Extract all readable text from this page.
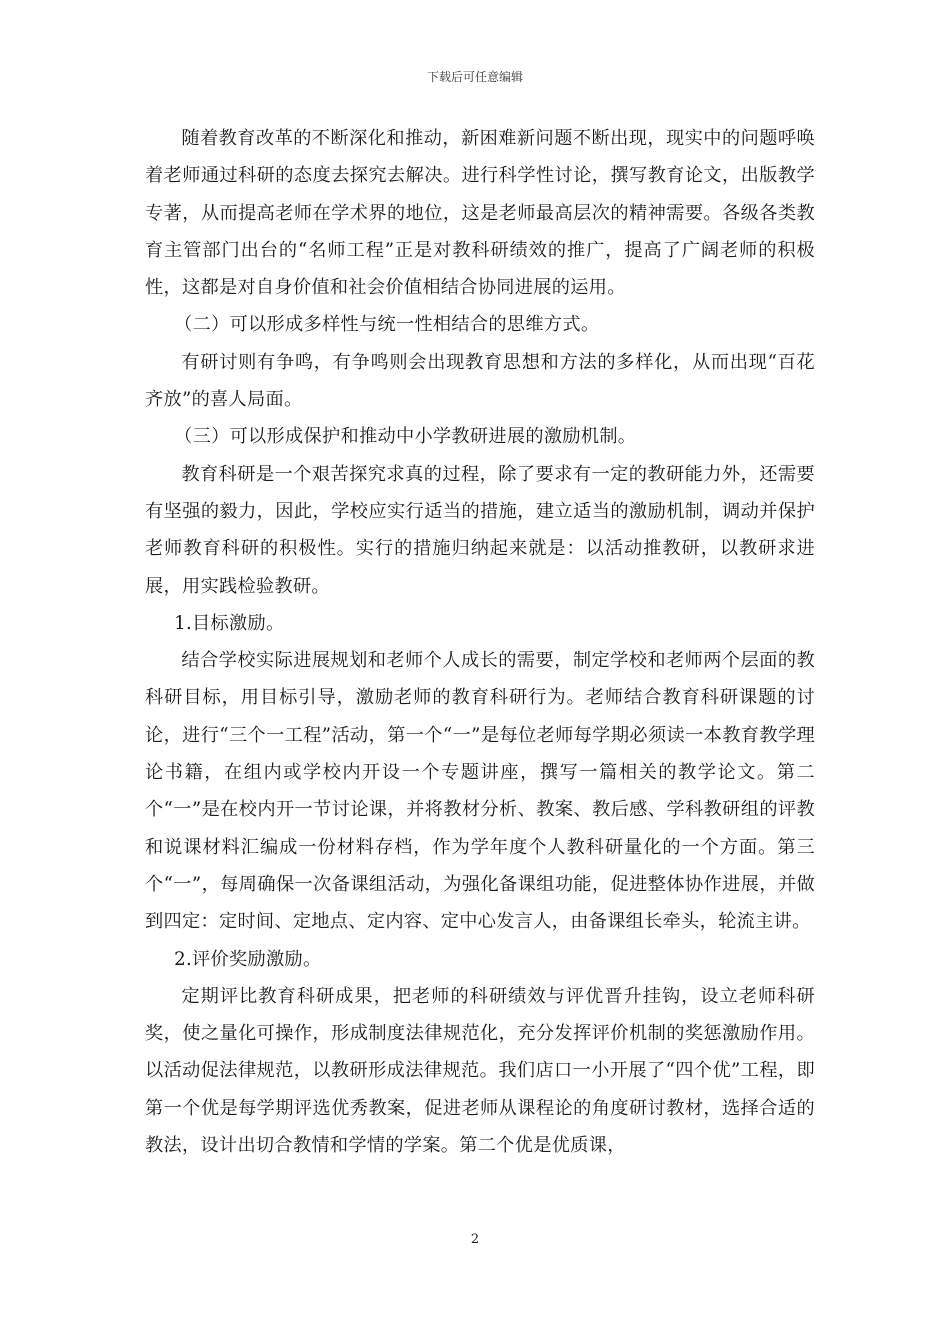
下载后可任意编辑

随着教育改革的不断深化和推动，新困难新问题不断出现，现实中的问题呼唤着老师通过科研的态度去探究去解决。进行科学性讨论，撰写教育论文，出版教学专著，从而提高老师在学术界的地位，这是老师最高层次的精神需要。各级各类教育主管部门出台的“名师工程”正是对教科研绩效的推广，提高了广阔老师的积极性，这都是对自身价值和社会价值相结合协同进展的运用。

（二）可以形成多样性与统一性相结合的思维方式。

有研讨则有争鸣，有争鸣则会出现教育思想和方法的多样化，从而出现“百花齐放”的喜人局面。

（三）可以形成保护和推动中小学教研进展的激励机制。

教育科研是一个艰苦探究求真的过程，除了要求有一定的教研能力外，还需要有坚强的毅力，因此，学校应实行适当的措施，建立适当的激励机制，调动并保护老师教育科研的积极性。实行的措施归纳起来就是：以活动推教研，以教研求进展，用实践检验教研。

1.目标激励。

结合学校实际进展规划和老师个人成长的需要，制定学校和老师两个层面的教科研目标，用目标引导，激励老师的教育科研行为。老师结合教育科研课题的讨论，进行“三个一工程”活动，第一个“一”是每位老师每学期必须读一本教育教学理论书籍，在组内或学校内开设一个专题讲座，撰写一篇相关的教学论文。第二个“一”是在校内开一节讨论课，并将教材分析、教案、教后感、学科教研组的评教和说课材料汇编成一份材料存档，作为学年度个人教科研量化的一个方面。第三个“一”，每周确保一次备课组活动，为强化备课组功能，促进整体协作进展，并做到四定：定时间、定地点、定内容、定中心发言人，由备课组长牵头，轮流主讲。

2.评价奖励激励。

定期评比教育科研成果，把老师的科研绩效与评优晋升挂钩，设立老师科研奖，使之量化可操作，形成制度法律规范化，充分发挥评价机制的奖惩激励作用。以活动促法律规范，以教研形成法律规范。我们店口一小开展了“四个优”工程，即第一个优是每学期评选优秀教案，促进老师从课程论的角度研讨教材，选择合适的教法，设计出切合教情和学情的学案。第二个优是优质课，

2
